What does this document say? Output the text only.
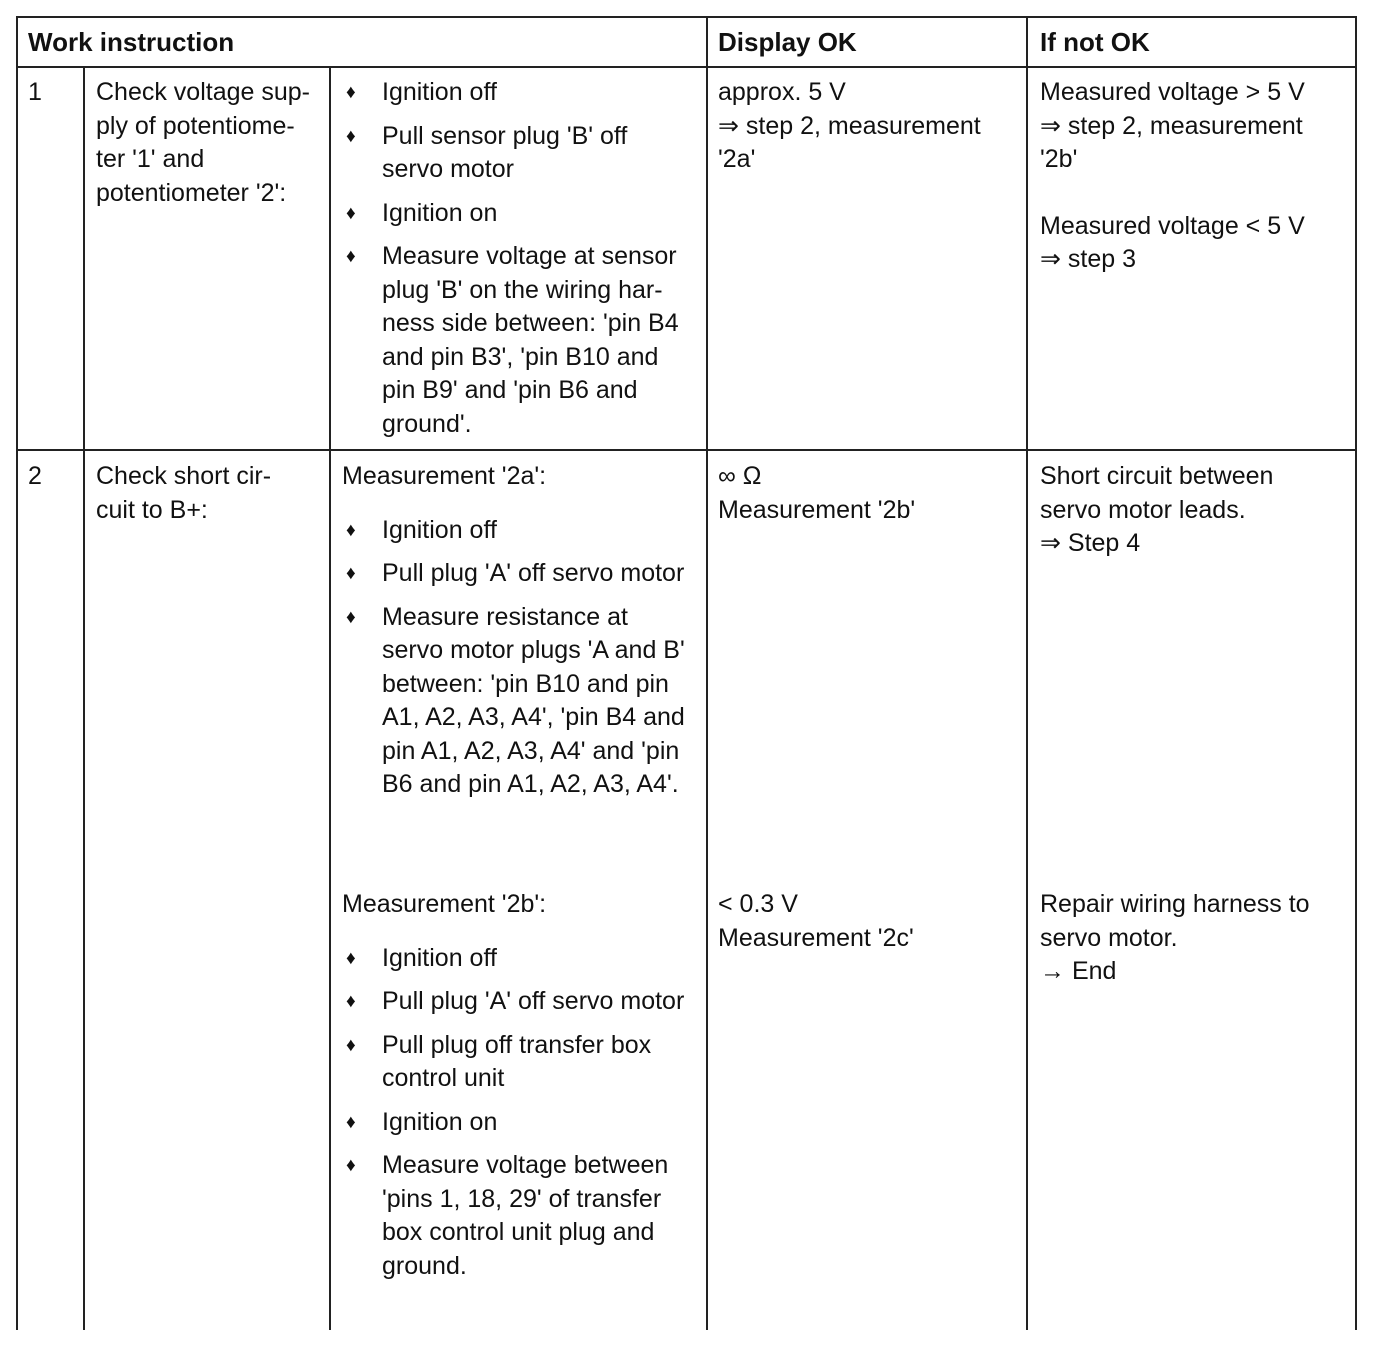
Work instruction	Display OK	If not OK
1 Check voltage sup-
ply of potentiome-
ter '1' and
potentiometer '2':
♦ Ignition off
♦ Pull sensor plug 'B' off servo motor
♦ Ignition on
♦ Measure voltage at sensor plug 'B' on the wiring har-ness side between: 'pin B4 and pin B3', 'pin B10 and pin B9' and 'pin B6 and ground'.
approx. 5 V
⇒ step 2, measurement
'2a'
Measured voltage > 5 V
⇒ step 2, measurement
'2b'
Measured voltage < 5 V
⇒ step 3
2 Check short cir-
cuit to B+:
Measurement '2a':
♦ Ignition off
♦ Pull plug 'A' off servo motor
♦ Measure resistance at servo motor plugs 'A and B' between: 'pin B10 and pin A1, A2, A3, A4', 'pin B4 and pin A1, A2, A3, A4' and 'pin B6 and pin A1, A2, A3, A4'.
∞ Ω
Measurement '2b'
Short circuit between
servo motor leads.
⇒ Step 4
Measurement '2b':
♦ Ignition off
♦ Pull plug 'A' off servo motor
♦ Pull plug off transfer box control unit
♦ Ignition on
♦ Measure voltage between 'pins 1, 18, 29' of transfer box control unit plug and ground.
< 0.3 V
Measurement '2c'
Repair wiring harness to
servo motor.
→ End
